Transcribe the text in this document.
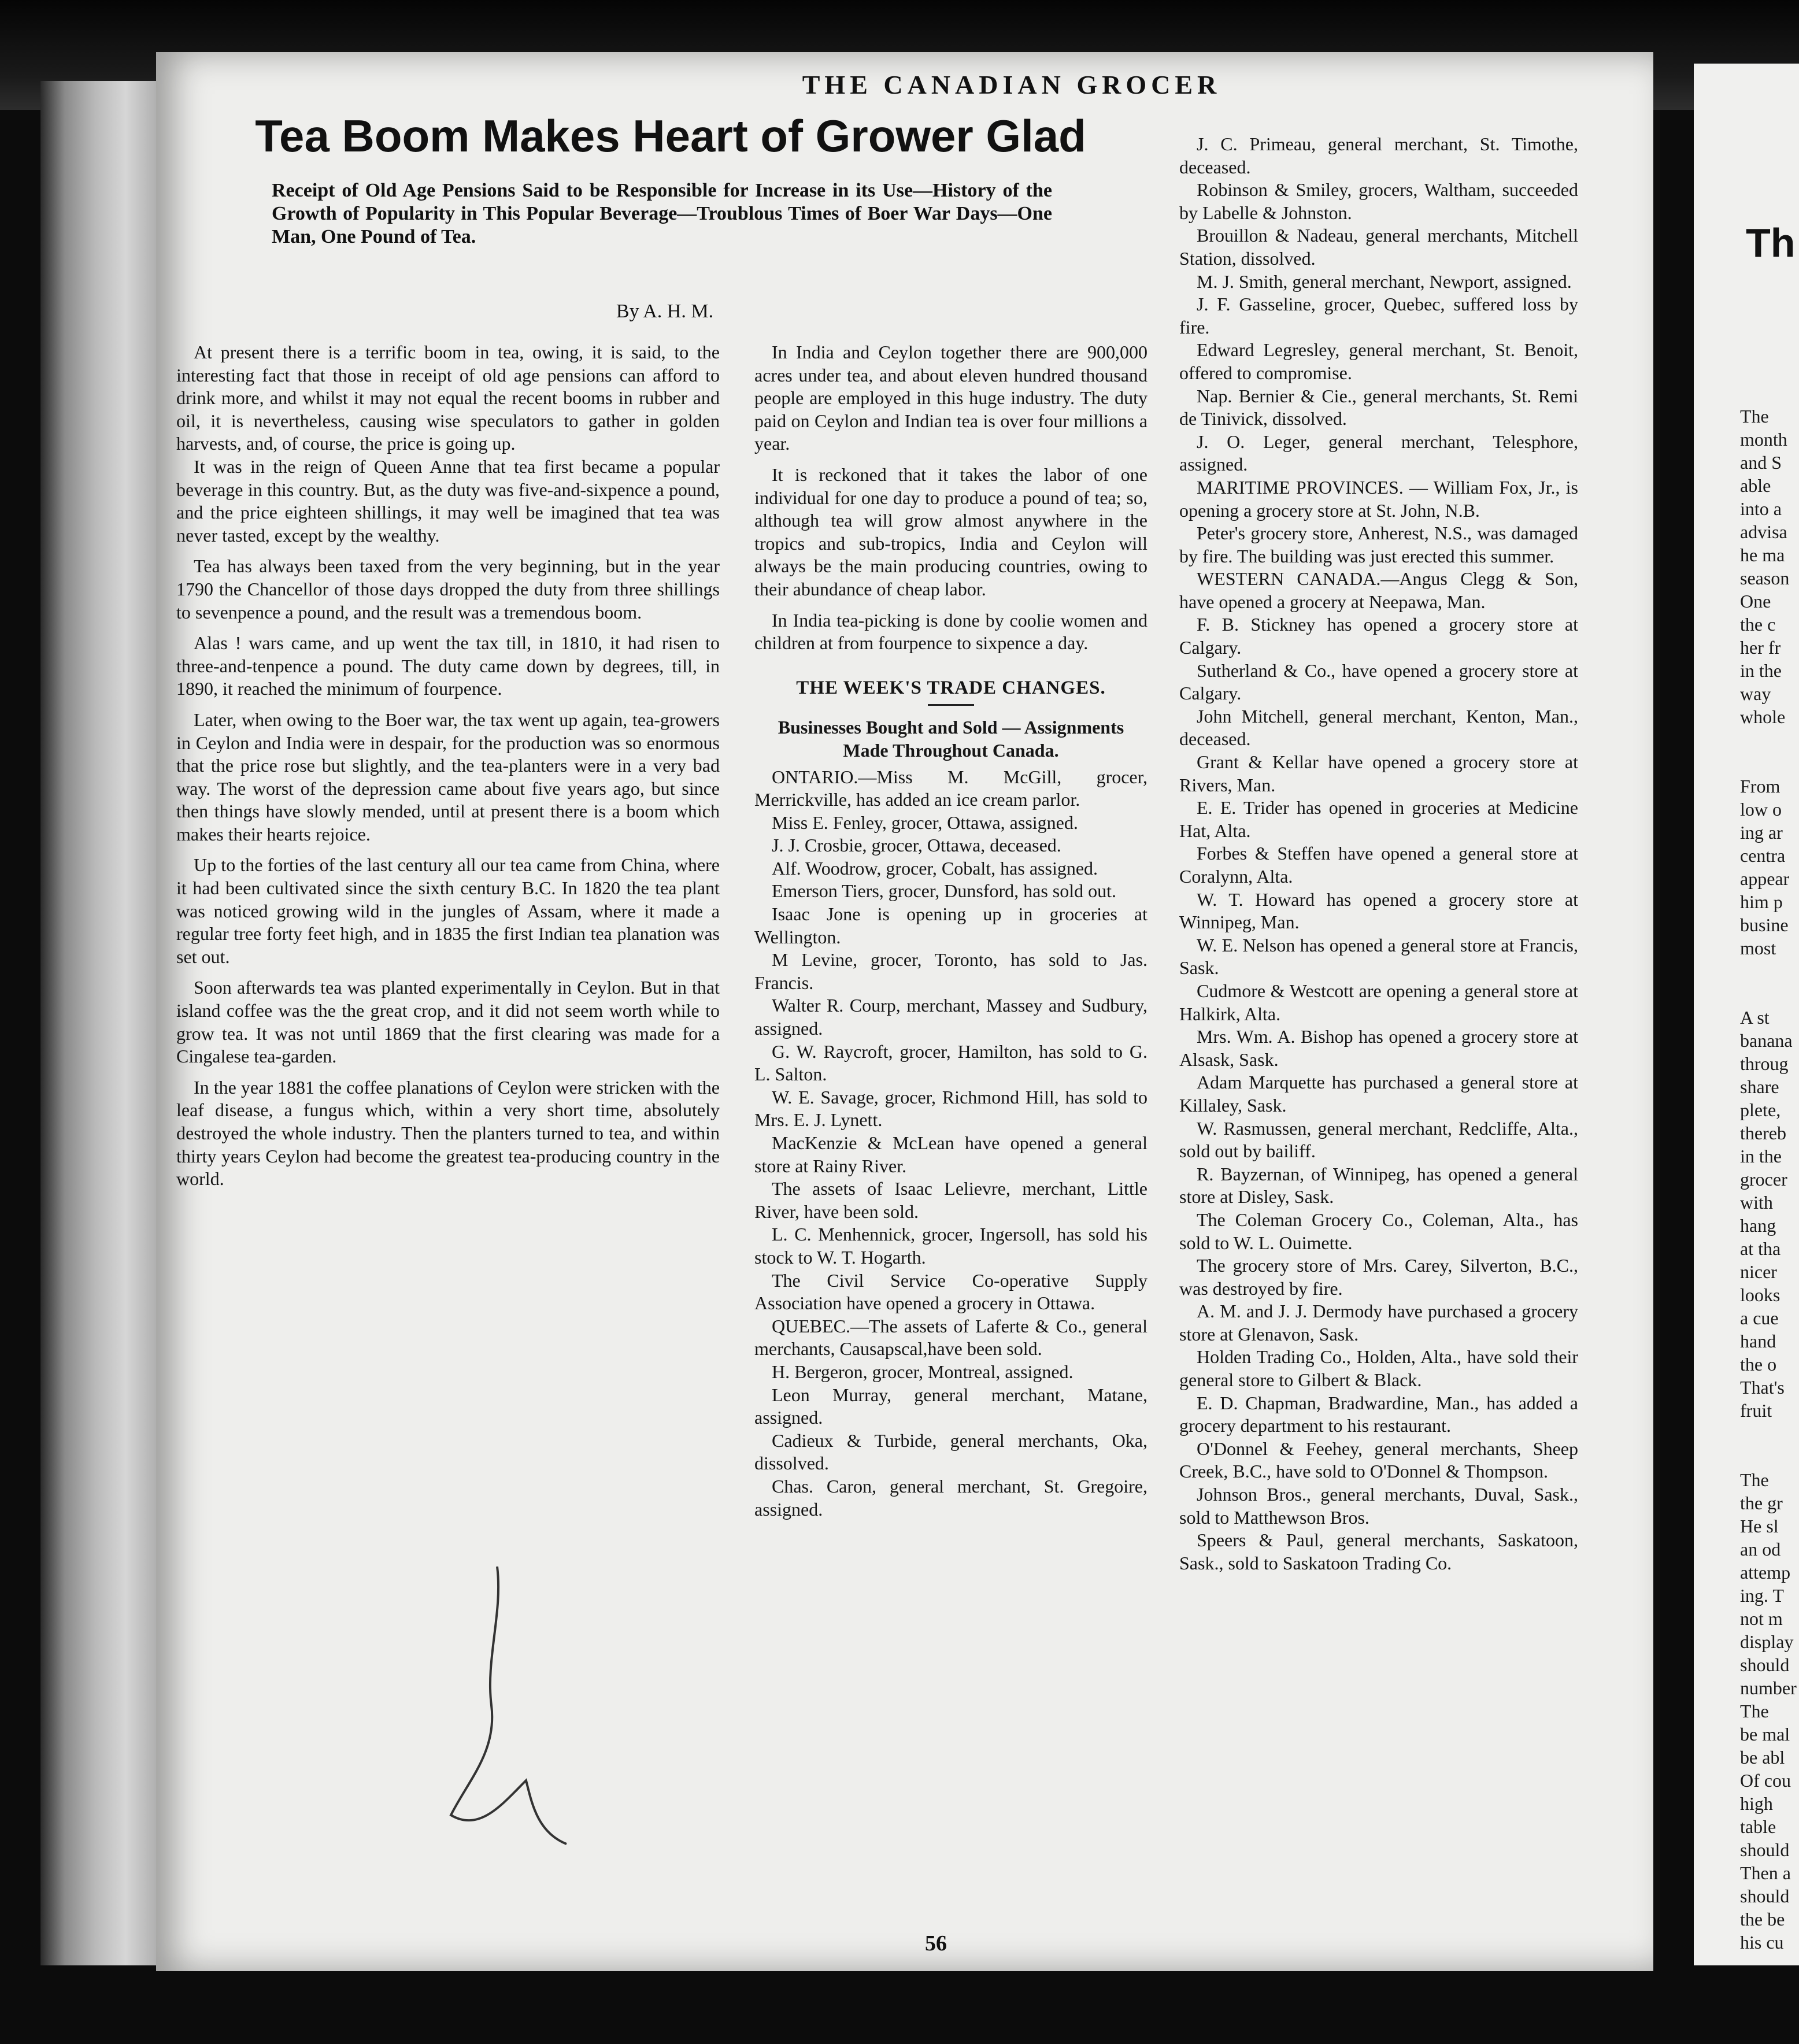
Th
The
month
and S
able
into a
advisa
he ma
season
One
the c
her fr
in the
way
whole
From
low o
ing ar
centra
appear
him p
busine
most
A st
banana
throug
share
plete,
thereb
in the
grocer
with
hang
at tha
nicer
looks
a cue
hand
the o
That's
fruit
The
the gr
He sl
an od
attemp
ing. T
not m
display
should
number
The
be mal
be abl
Of cou
high
table
should
Then a
should
the be
his cu
THE CANADIAN GROCER
Tea Boom Makes Heart of Grower Glad
Receipt of Old Age Pensions Said to be Responsible for Increase in its Use—History of the Growth of Popularity in This Popular Beverage—Troublous Times of Boer War Days—One Man, One Pound of Tea.
By A. H. M.

At present there is a terrific boom in tea, owing, it is said, to the interesting fact that those in receipt of old age pensions can afford to drink more, and whilst it may not equal the recent booms in rubber and oil, it is nevertheless, causing wise speculators to gather in golden harvests, and, of course, the price is going up.

It was in the reign of Queen Anne that tea first became a popular beverage in this country. But, as the duty was five-and-sixpence a pound, and the price eighteen shillings, it may well be imagined that tea was never tasted, except by the wealthy.

Tea has always been taxed from the very beginning, but in the year 1790 the Chancellor of those days dropped the duty from three shillings to sevenpence a pound, and the result was a tremendous boom.

Alas ! wars came, and up went the tax till, in 1810, it had risen to three-and-tenpence a pound. The duty came down by degrees, till, in 1890, it reached the minimum of fourpence.

Later, when owing to the Boer war, the tax went up again, tea-growers in Ceylon and India were in despair, for the production was so enormous that the price rose but slightly, and the tea-planters were in a very bad way. The worst of the depression came about five years ago, but since then things have slowly mended, until at present there is a boom which makes their hearts rejoice.

Up to the forties of the last century all our tea came from China, where it had been cultivated since the sixth century B.C. In 1820 the tea plant was noticed growing wild in the jungles of Assam, where it made a regular tree forty feet high, and in 1835 the first Indian tea planation was set out.

Soon afterwards tea was planted experimentally in Ceylon. But in that island coffee was the the great crop, and it did not seem worth while to grow tea. It was not until 1869 that the first clearing was made for a Cingalese tea-garden.

In the year 1881 the coffee planations of Ceylon were stricken with the leaf disease, a fungus which, within a very short time, absolutely destroyed the whole industry. Then the planters turned to tea, and within thirty years Ceylon had become the greatest tea-producing country in the world.

In India and Ceylon together there are 900,000 acres under tea, and about eleven hundred thousand people are employed in this huge industry. The duty paid on Ceylon and Indian tea is over four millions a year.

It is reckoned that it takes the labor of one individual for one day to produce a pound of tea; so, although tea will grow almost anywhere in the tropics and sub-tropics, India and Ceylon will always be the main producing countries, owing to their abundance of cheap labor.

In India tea-picking is done by coolie women and children at from fourpence to sixpence a day.

THE WEEK'S TRADE CHANGES.
Businesses Bought and Sold — Assignments Made Throughout Canada.

ONTARIO.—Miss M. McGill, grocer, Merrickville, has added an ice cream parlor.

Miss E. Fenley, grocer, Ottawa, assigned.

J. J. Crosbie, grocer, Ottawa, deceased.

Alf. Woodrow, grocer, Cobalt, has assigned.

Emerson Tiers, grocer, Dunsford, has sold out.

Isaac Jone is opening up in groceries at Wellington.

M Levine, grocer, Toronto, has sold to Jas. Francis.

Walter R. Courp, merchant, Massey and Sudbury, assigned.

G. W. Raycroft, grocer, Hamilton, has sold to G. L. Salton.

W. E. Savage, grocer, Richmond Hill, has sold to Mrs. E. J. Lynett.

MacKenzie & McLean have opened a general store at Rainy River.

The assets of Isaac Lelievre, merchant, Little River, have been sold.

L. C. Menhennick, grocer, Ingersoll, has sold his stock to W. T. Hogarth.

The Civil Service Co-operative Supply Association have opened a grocery in Ottawa.

QUEBEC.—The assets of Laferte & Co., general merchants, Causapscal,have been sold.

H. Bergeron, grocer, Montreal, assigned.

Leon Murray, general merchant, Matane, assigned.

Cadieux & Turbide, general merchants, Oka, dissolved.

Chas. Caron, general merchant, St. Gregoire, assigned.

J. C. Primeau, general merchant, St. Timothe, deceased.

Robinson & Smiley, grocers, Waltham, succeeded by Labelle & Johnston.

Brouillon & Nadeau, general merchants, Mitchell Station, dissolved.

M. J. Smith, general merchant, Newport, assigned.

J. F. Gasseline, grocer, Quebec, suffered loss by fire.

Edward Legresley, general merchant, St. Benoit, offered to compromise.

Nap. Bernier & Cie., general merchants, St. Remi de Tinivick, dissolved.

J. O. Leger, general merchant, Telesphore, assigned.

MARITIME PROVINCES. — William Fox, Jr., is opening a grocery store at St. John, N.B.

Peter's grocery store, Anherest, N.S., was damaged by fire. The building was just erected this summer.

WESTERN CANADA.—Angus Clegg & Son, have opened a grocery at Neepawa, Man.

F. B. Stickney has opened a grocery store at Calgary.

Sutherland & Co., have opened a grocery store at Calgary.

John Mitchell, general merchant, Kenton, Man., deceased.

Grant & Kellar have opened a grocery store at Rivers, Man.

E. E. Trider has opened in groceries at Medicine Hat, Alta.

Forbes & Steffen have opened a general store at Coralynn, Alta.

W. T. Howard has opened a grocery store at Winnipeg, Man.

W. E. Nelson has opened a general store at Francis, Sask.

Cudmore & Westcott are opening a general store at Halkirk, Alta.

Mrs. Wm. A. Bishop has opened a grocery store at Alsask, Sask.

Adam Marquette has purchased a general store at Killaley, Sask.

W. Rasmussen, general merchant, Redcliffe, Alta., sold out by bailiff.

R. Bayzernan, of Winnipeg, has opened a general store at Disley, Sask.

The Coleman Grocery Co., Coleman, Alta., has sold to W. L. Ouimette.

The grocery store of Mrs. Carey, Silverton, B.C., was destroyed by fire.

A. M. and J. J. Dermody have purchased a grocery store at Glenavon, Sask.

Holden Trading Co., Holden, Alta., have sold their general store to Gilbert & Black.

E. D. Chapman, Bradwardine, Man., has added a grocery department to his restaurant.

O'Donnel & Feehey, general merchants, Sheep Creek, B.C., have sold to O'Donnel & Thompson.

Johnson Bros., general merchants, Duval, Sask., sold to Matthewson Bros.

Speers & Paul, general merchants, Saskatoon, Sask., sold to Saskatoon Trading Co.

56
